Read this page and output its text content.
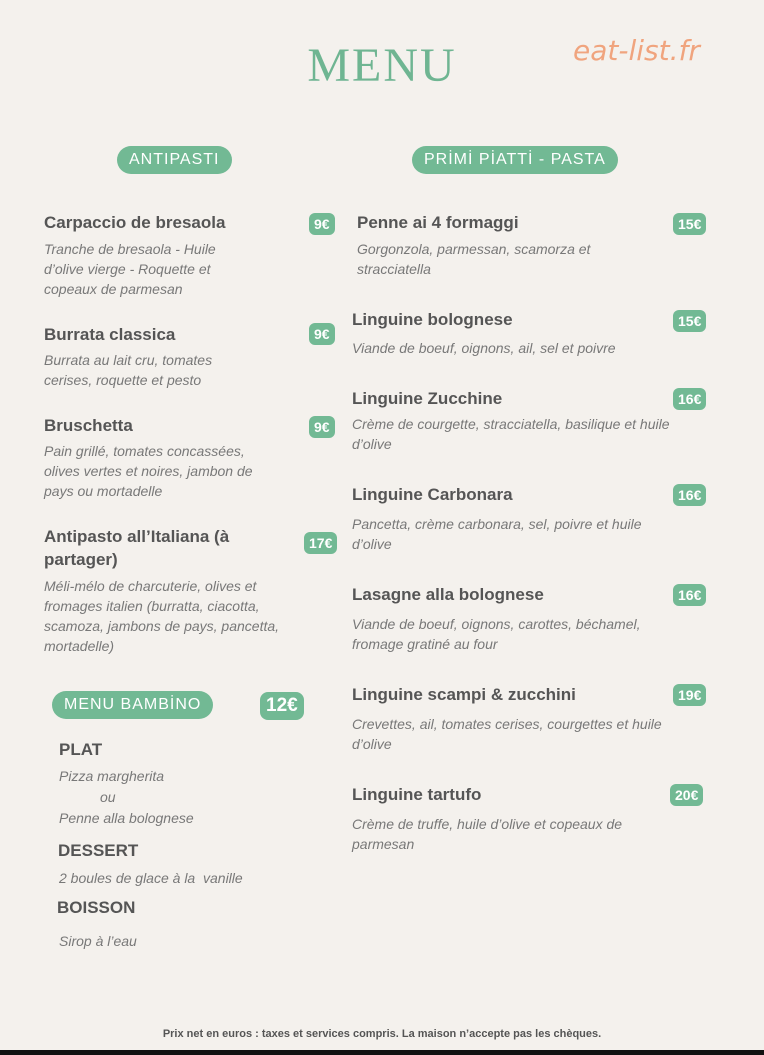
MENU	eat-list.fr
ANTIPASTI
Carpaccio de bresaola	9€
Tranche de bresaola - Huile d’olive vierge - Roquette et copeaux de parmesan
Burrata classica	9€
Burrata au lait cru, tomates cerises, roquette et pesto
Bruschetta	9€
Pain grillé, tomates concassées, olives vertes et noires, jambon de pays ou mortadelle
Antipasto all’Italiana (à partager)
17€
Méli-mélo de charcuterie, olives et fromages italien (burratta, ciacotta, scamoza, jambons de pays, pancetta, mortadelle)
MENU BAMBİNO	12€
PLAT
Pizza margherita
ou
Penne alla bolognese
DESSERT
2 boules de glace à la  vanille
BOISSON
Sirop à l’eau
PRİMİ PİATTİ - PASTA
Penne ai 4 formaggi	15€
Gorgonzola, parmessan, scamorza et stracciatella
Linguine bolognese	15€
Viande de boeuf, oignons, ail, sel et poivre
Linguine Zucchine	16€
Crème de courgette, stracciatella, basilique et huile d’olive
Linguine Carbonara	16€
Pancetta, crème carbonara, sel, poivre et huile d’olive
Lasagne alla bolognese	16€
Viande de boeuf, oignons, carottes, béchamel, fromage gratiné au four
Linguine scampi & zucchini	19€
Crevettes, ail, tomates cerises, courgettes et huile d’olive
Linguine tartufo	20€
Crème de truffe, huile d’olive et copeaux de parmesan
Prix net en euros : taxes et services compris. La maison n’accepte pas les chèques.
